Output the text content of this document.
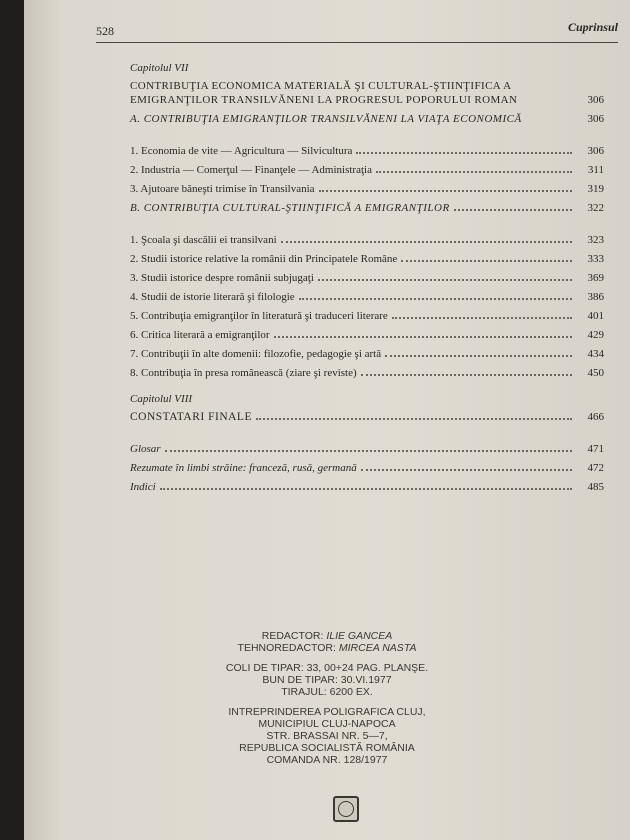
528	Cuprinsul
Capitolul VII
CONTRIBUŢIA ECONOMICA MATERIALĂ ŞI CULTURAL-ŞTIINŢIFICA A EMIGRANŢILOR TRANSILVĂNENI LA PROGRESUL POPORULUI ROMAN	306
A. CONTRIBUŢIA EMIGRANŢILOR TRANSILVĂNENI LA VIAŢA ECONOMICĂ	306
1. Economia de vite — Agricultura — Silvicultura	306
2. Industria — Comerţul — Finanţele — Administraţia	311
3. Ajutoare băneşti trimise în Transilvania	319
B. CONTRIBUŢIA CULTURAL-ŞTIINŢIFICĂ A EMIGRANŢILOR	322
1. Şcoala şi dascălii ei transilvani	323
2. Studii istorice relative la românii din Principatele Române	333
3. Studii istorice despre românii subjugaţi	369
4. Studii de istorie literară şi filologie	386
5. Contribuţia emigranţilor în literatură şi traduceri literare	401
6. Critica literară a emigranţilor	429
7. Contribuţii în alte domenii: filozofie, pedagogie şi artă	434
8. Contribuţia în presa românească (ziare şi reviste)	450
Capitolul VIII
CONSTATARI FINALE	466
Glosar	471
Rezumate în limbi străine: franceză, rusă, germană	472
Indici	485
REDACTOR: ILIE GANCEA
TEHNOREDACTOR: MIRCEA NASTA
COLI DE TIPAR: 33, 00+24 PAG. PLANŞE.
BUN DE TIPAR: 30.VI.1977
TIRAJUL: 6200 EX.
INTREPRINDEREA POLIGRAFICA CLUJ,
MUNICIPIUL CLUJ-NAPOCA
STR. BRASSAI NR. 5—7,
REPUBLICA SOCIALISTĂ ROMÂNIA
COMANDA NR. 128/1977
